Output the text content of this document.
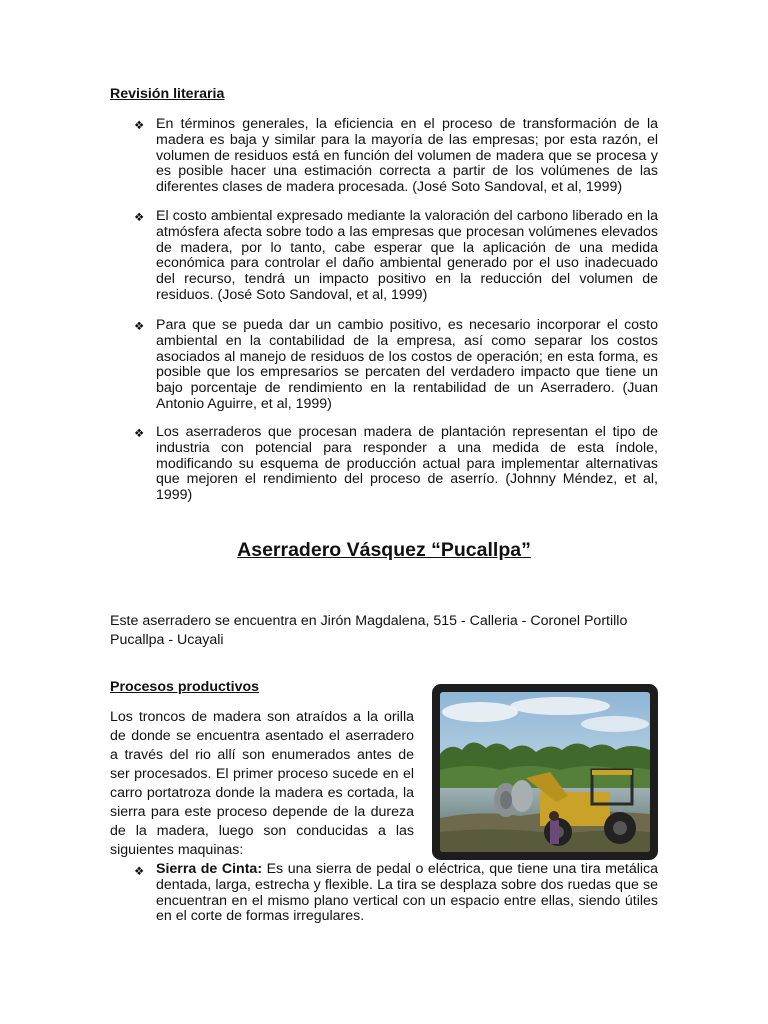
Revisión literaria
❖ En términos generales, la eficiencia en el proceso de transformación de la madera es baja y similar para la mayoría de las empresas; por esta razón, el volumen de residuos está en función del volumen de madera que se procesa y es posible hacer una estimación correcta a partir de los volúmenes de las diferentes clases de madera procesada. (José Soto Sandoval, et al, 1999)
❖ El costo ambiental expresado mediante la valoración del carbono liberado en la atmósfera afecta sobre todo a las empresas que procesan volúmenes elevados de madera, por lo tanto, cabe esperar que la aplicación de una medida económica para controlar el daño ambiental generado por el uso inadecuado del recurso, tendrá un impacto positivo en la reducción del volumen de residuos. (José Soto Sandoval, et al, 1999)
❖ Para que se pueda dar un cambio positivo, es necesario incorporar el costo ambiental en la contabilidad de la empresa, así como separar los costos asociados al manejo de residuos de los costos de operación; en esta forma, es posible que los empresarios se percaten del verdadero impacto que tiene un bajo porcentaje de rendimiento en la rentabilidad de un Aserradero. (Juan Antonio Aguirre, et al, 1999)
❖ Los aserraderos que procesan madera de plantación representan el tipo de industria con potencial para responder a una medida de esta índole, modificando su esquema de producción actual para implementar alternativas que mejoren el rendimiento del proceso de aserrío. (Johnny Méndez, et al, 1999)
Aserradero Vásquez “Pucallpa”
Este aserradero se encuentra en Jirón Magdalena, 515 - Calleria - Coronel Portillo
Pucallpa - Ucayali
Procesos productivos
Los troncos de madera son atraídos a la orilla de donde se encuentra asentado el aserradero a través del rio allí son enumerados antes de ser procesados. El primer proceso sucede en el carro portatroza donde la madera es cortada, la sierra para este proceso depende de la dureza de la madera, luego son conducidas a las siguientes maquinas:
❖ Sierra de Cinta: Es una sierra de pedal o eléctrica, que tiene una tira metálica dentada, larga, estrecha y flexible. La tira se desplaza sobre dos ruedas que se encuentran en el mismo plano vertical con un espacio entre ellas, siendo útiles en el corte de formas irregulares.
